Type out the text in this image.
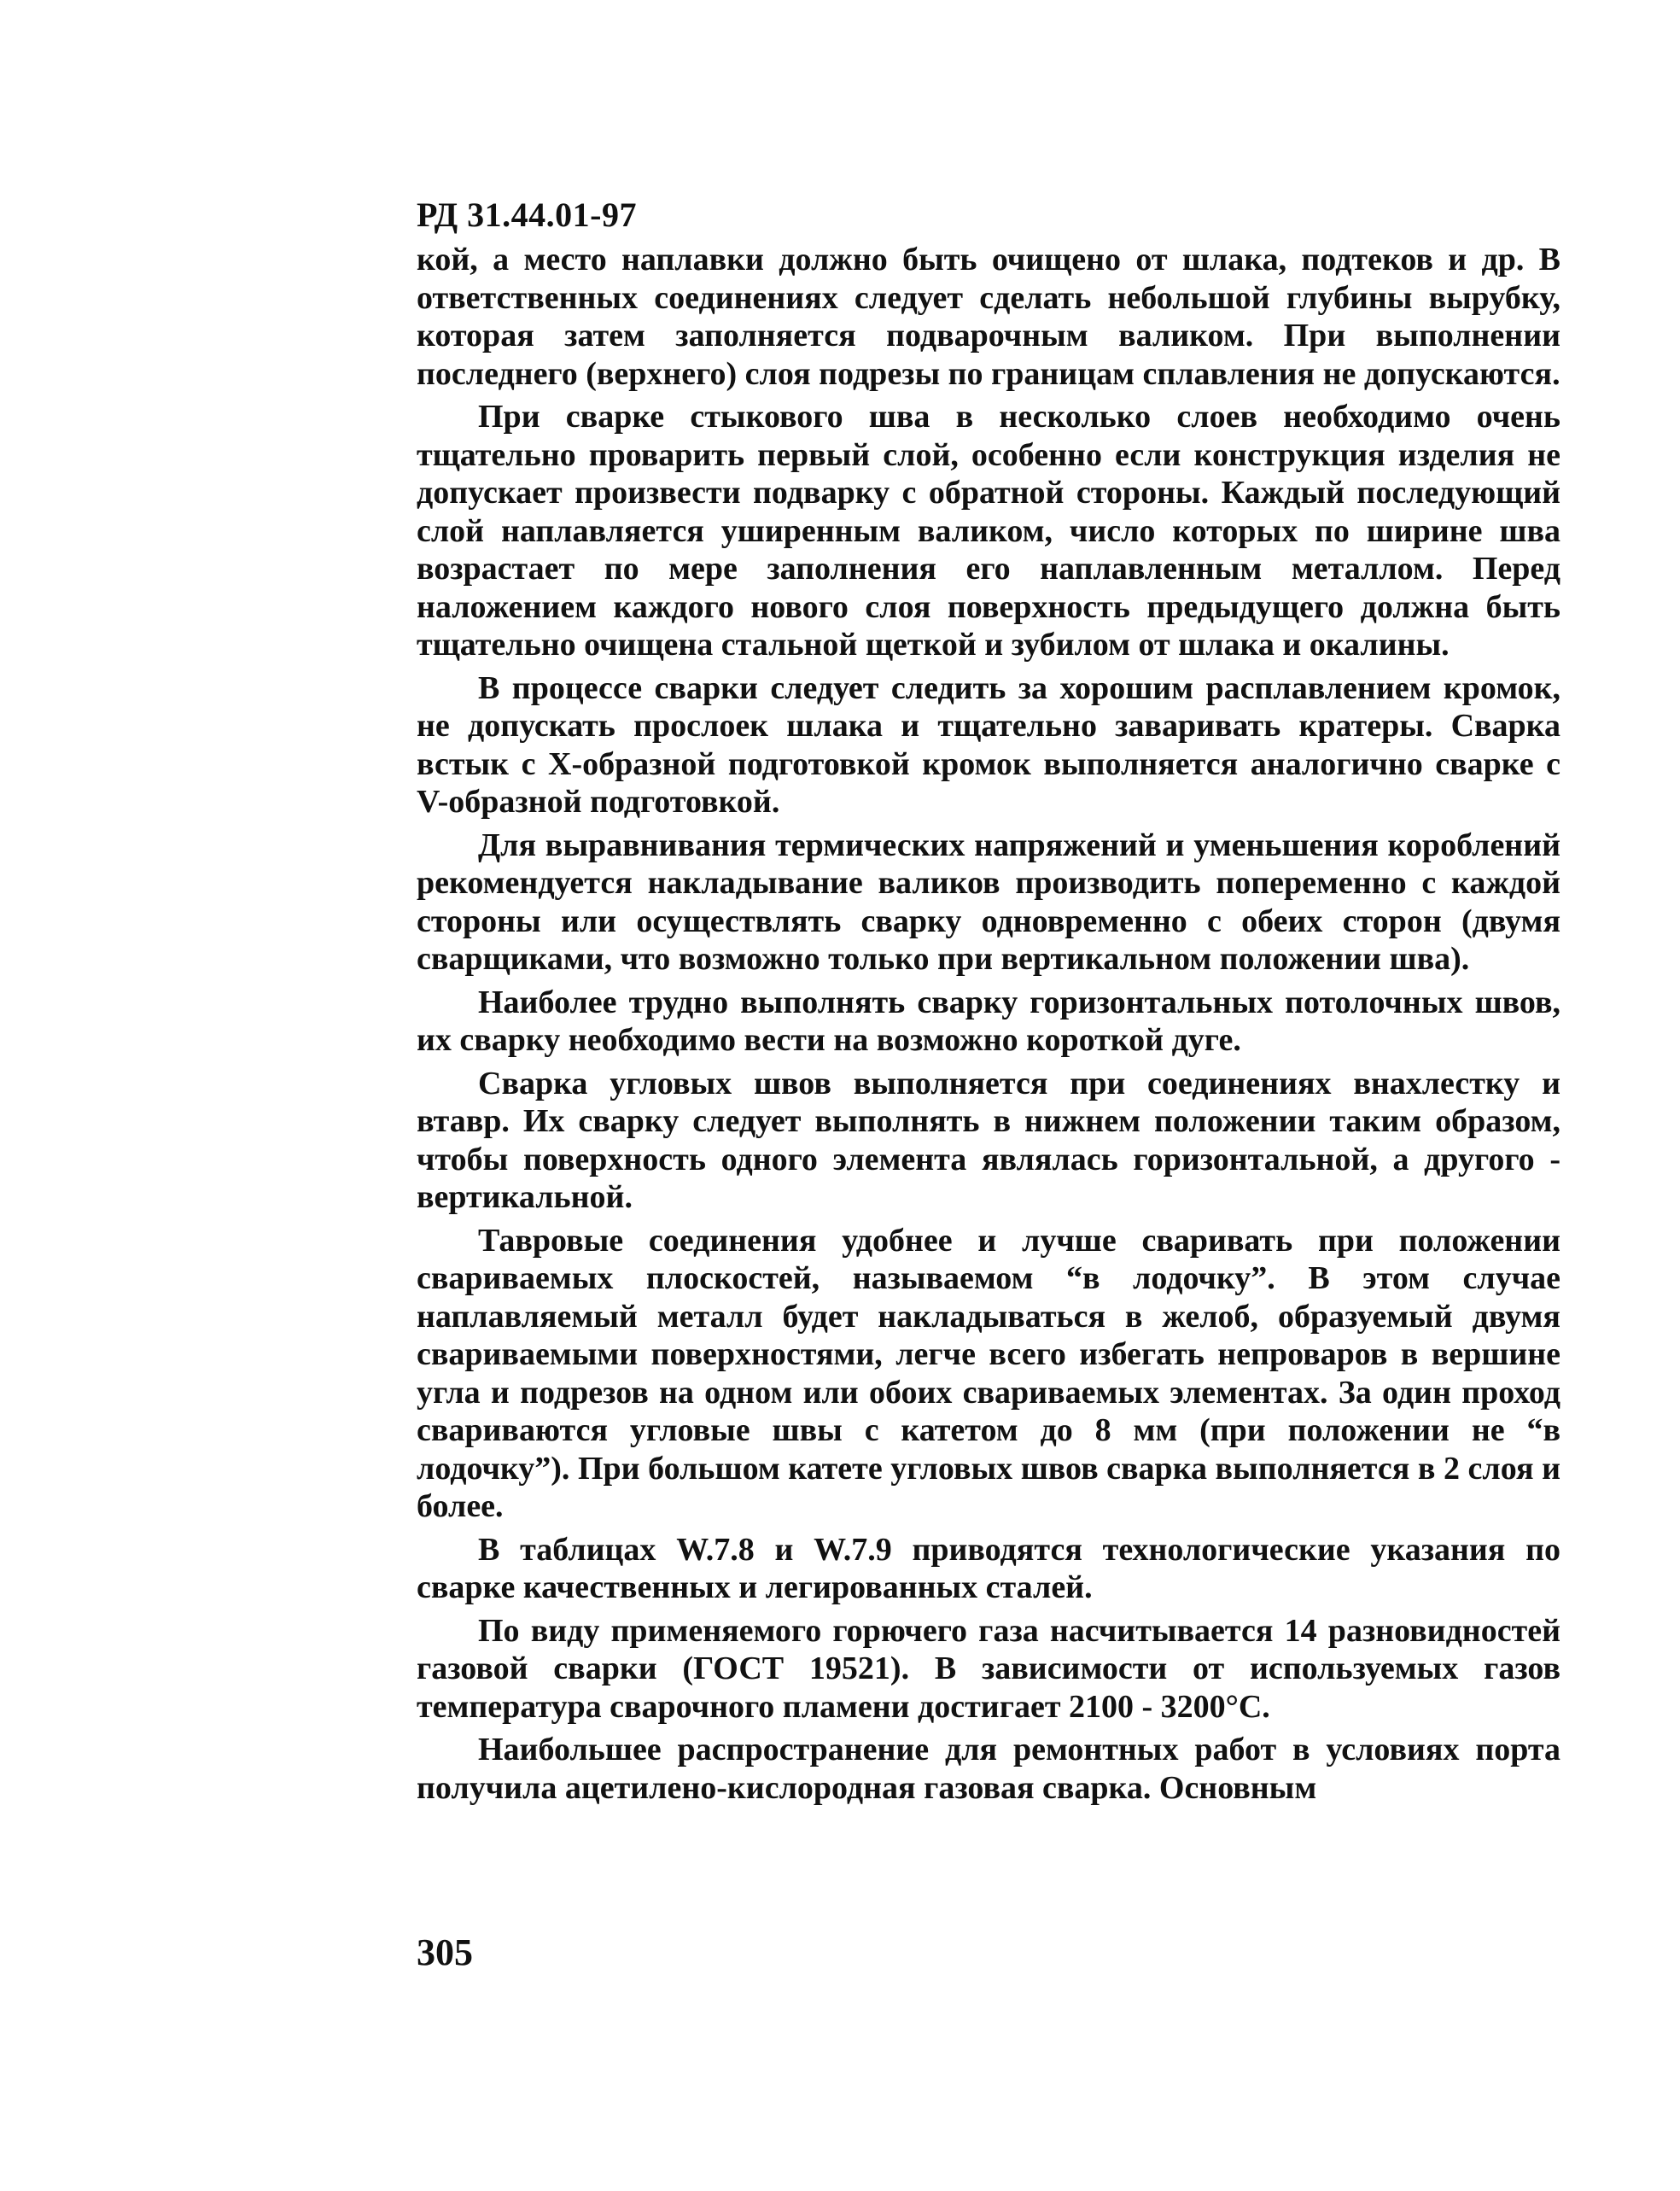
РД 31.44.01-97

кой, а место наплавки должно быть очищено от шлака, подтеков и др. В ответственных соединениях следует сделать небольшой глубины вырубку, которая затем заполняется подварочным валиком. При выполнении последнего (верхнего) слоя подрезы по границам сплавления не допускаются.

При сварке стыкового шва в несколько слоев необходимо очень тщательно проварить первый слой, особенно если конструкция изделия не допускает произвести подварку с обратной стороны. Каждый последующий слой наплавляется уширенным валиком, число которых по ширине шва возрастает по мере заполнения его наплавленным металлом. Перед наложением каждого нового слоя поверхность предыдущего должна быть тщательно очищена стальной щеткой и зубилом от шлака и окалины.

В процессе сварки следует следить за хорошим расплавлением кромок, не допускать прослоек шлака и тщательно заваривать кратеры. Сварка встык с Х-образной подготовкой кромок выполняется аналогично сварке с V-образной подготовкой.

Для выравнивания термических напряжений и уменьшения короблений рекомендуется накладывание валиков производить попеременно с каждой стороны или осуществлять сварку одновременно с обеих сторон (двумя сварщиками, что возможно только при вертикальном положении шва).

Наиболее трудно выполнять сварку горизонтальных потолочных швов, их сварку необходимо вести на возможно короткой дуге.

Сварка угловых швов выполняется при соединениях внахлестку и втавр. Их сварку следует выполнять в нижнем положении таким образом, чтобы поверхность одного элемента являлась горизонтальной, а другого - вертикальной.

Тавровые соединения удобнее и лучше сваривать при положении свариваемых плоскостей, называемом “в лодочку”. В этом случае наплавляемый металл будет накладываться в желоб, образуемый двумя свариваемыми поверхностями, легче всего избегать непроваров в вершине угла и подрезов на одном или обоих свариваемых элементах. За один проход свариваются угловые швы с катетом до 8 мм (при положении не “в лодочку”). При большом катете угловых швов сварка выполняется в 2 слоя и более.

В таблицах W.7.8 и W.7.9 приводятся технологические указания по сварке качественных и легированных сталей.

По виду применяемого горючего газа насчитывается 14 разновидностей газовой сварки (ГОСТ 19521). В зависимости от используемых газов температура сварочного пламени достигает 2100 - 3200°С.

Наибольшее распространение для ремонтных работ в условиях порта получила ацетилено-кислородная газовая сварка. Основным

305
